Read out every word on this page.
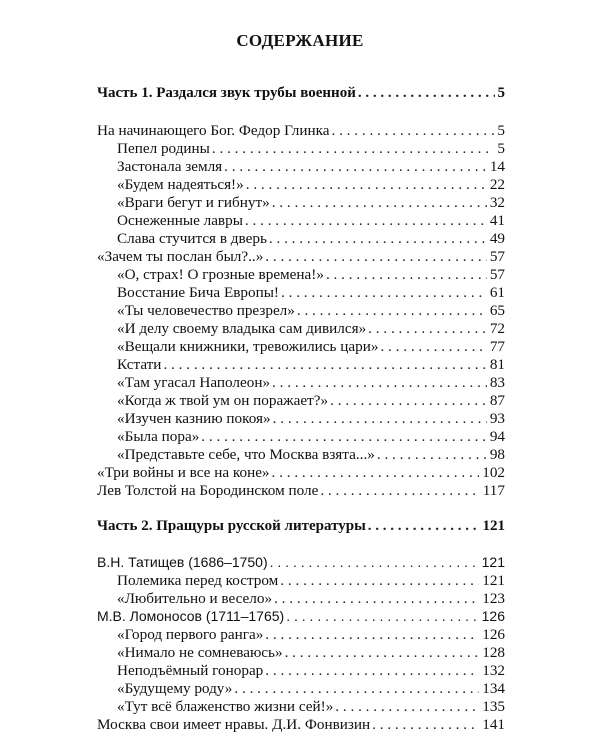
СОДЕРЖАНИЕ
Часть 1. Раздался звук трубы военной . . .	5
На начинающего Бог. Федор Глинка . . .	5
Пепел родины . . .	5
Застонала земля . . .	14
«Будем надеяться!» . . .	22
«Враги бегут и гибнут» . . .	32
Оснеженные лавры . . .	41
Слава стучится в дверь . . .	49
«Зачем ты послан был?..» . . .	57
«О, страх! О грозные времена!» . . .	57
Восстание Бича Европы! . . .	61
«Ты человечество презрел» . . .	65
«И делу своему владыка сам дивился» . . .	72
«Вещали книжники, тревожились цари» . . .	77
Кстати . . .	81
«Там угасал Наполеон» . . .	83
«Когда ж твой ум он поражает?» . . .	87
«Изучен казнию покоя» . . .	93
«Была пора» . . .	94
«Представьте себе, что Москва взята...» . . .	98
«Три войны и все на коне» . . .	102
Лев Толстой на Бородинском поле . . .	117
Часть 2. Пращуры русской литературы . . .	121
В.Н. Татищев (1686–1750) . . .	121
Полемика перед костром . . .	121
«Любительно и весело» . . .	123
М.В. Ломоносов (1711–1765) . . .	126
«Город первого ранга» . . .	126
«Нимало не сомневаюсь» . . .	128
Неподъёмный гонорар . . .	132
«Будущему роду» . . .	134
«Тут всё блаженство жизни сей!» . . .	135
Москва свои имеет нравы. Д.И. Фонвизин . . .	141
